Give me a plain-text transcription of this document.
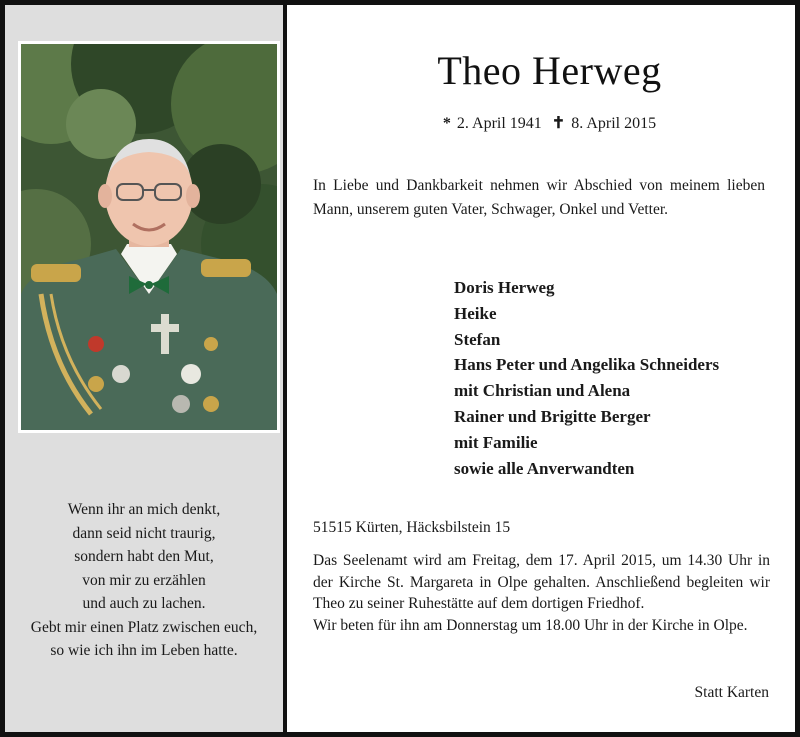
Wenn ihr an mich denkt,
dann seid nicht traurig,
sondern habt den Mut,
von mir zu erzählen
und auch zu lachen.
Gebt mir einen Platz zwischen euch,
so wie ich ihn im Leben hatte.
Theo Herweg
* 2. April 1941 ✝ 8. April 2015
In Liebe und Dankbarkeit nehmen wir Abschied von meinem lieben Mann, unserem guten Vater, Schwager, Onkel und Vetter.
Doris Herweg
Heike
Stefan
Hans Peter und Angelika Schneiders
mit Christian und Alena
Rainer und Brigitte Berger
mit Familie
sowie alle Anverwandten
51515 Kürten, Häcksbilstein 15

Das Seelenamt wird am Freitag, dem 17. April 2015, um 14.30 Uhr in der Kirche St. Margareta in Olpe gehalten. Anschließend begleiten wir Theo zu seiner Ruhestätte auf dem dortigen Friedhof.

Wir beten für ihn am Donnerstag um 18.00 Uhr in der Kirche in Olpe.

Statt Karten
